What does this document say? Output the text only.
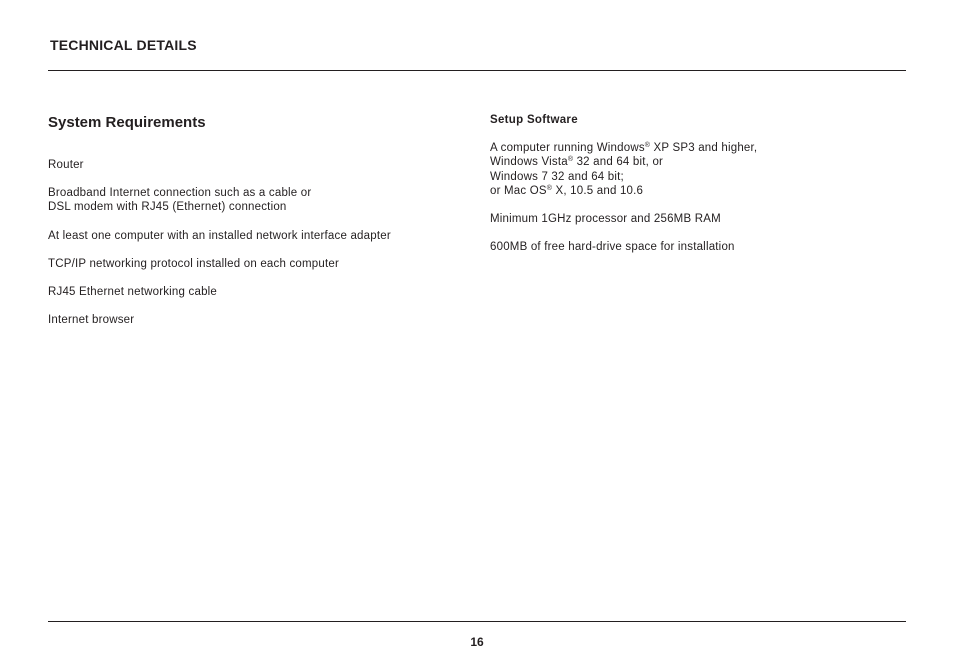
TECHNICAL DETAILS
System Requirements
Router
Broadband Internet connection such as a cable or
DSL modem with RJ45 (Ethernet) connection
At least one computer with an installed network interface adapter
TCP/IP networking protocol installed on each computer
RJ45 Ethernet networking cable
Internet browser
Setup Software
A computer running Windows® XP SP3 and higher,
Windows Vista® 32 and 64 bit, or
Windows 7 32 and 64 bit;
or Mac OS® X, 10.5 and 10.6
Minimum 1GHz processor and 256MB RAM
600MB of free hard-drive space for installation
16
